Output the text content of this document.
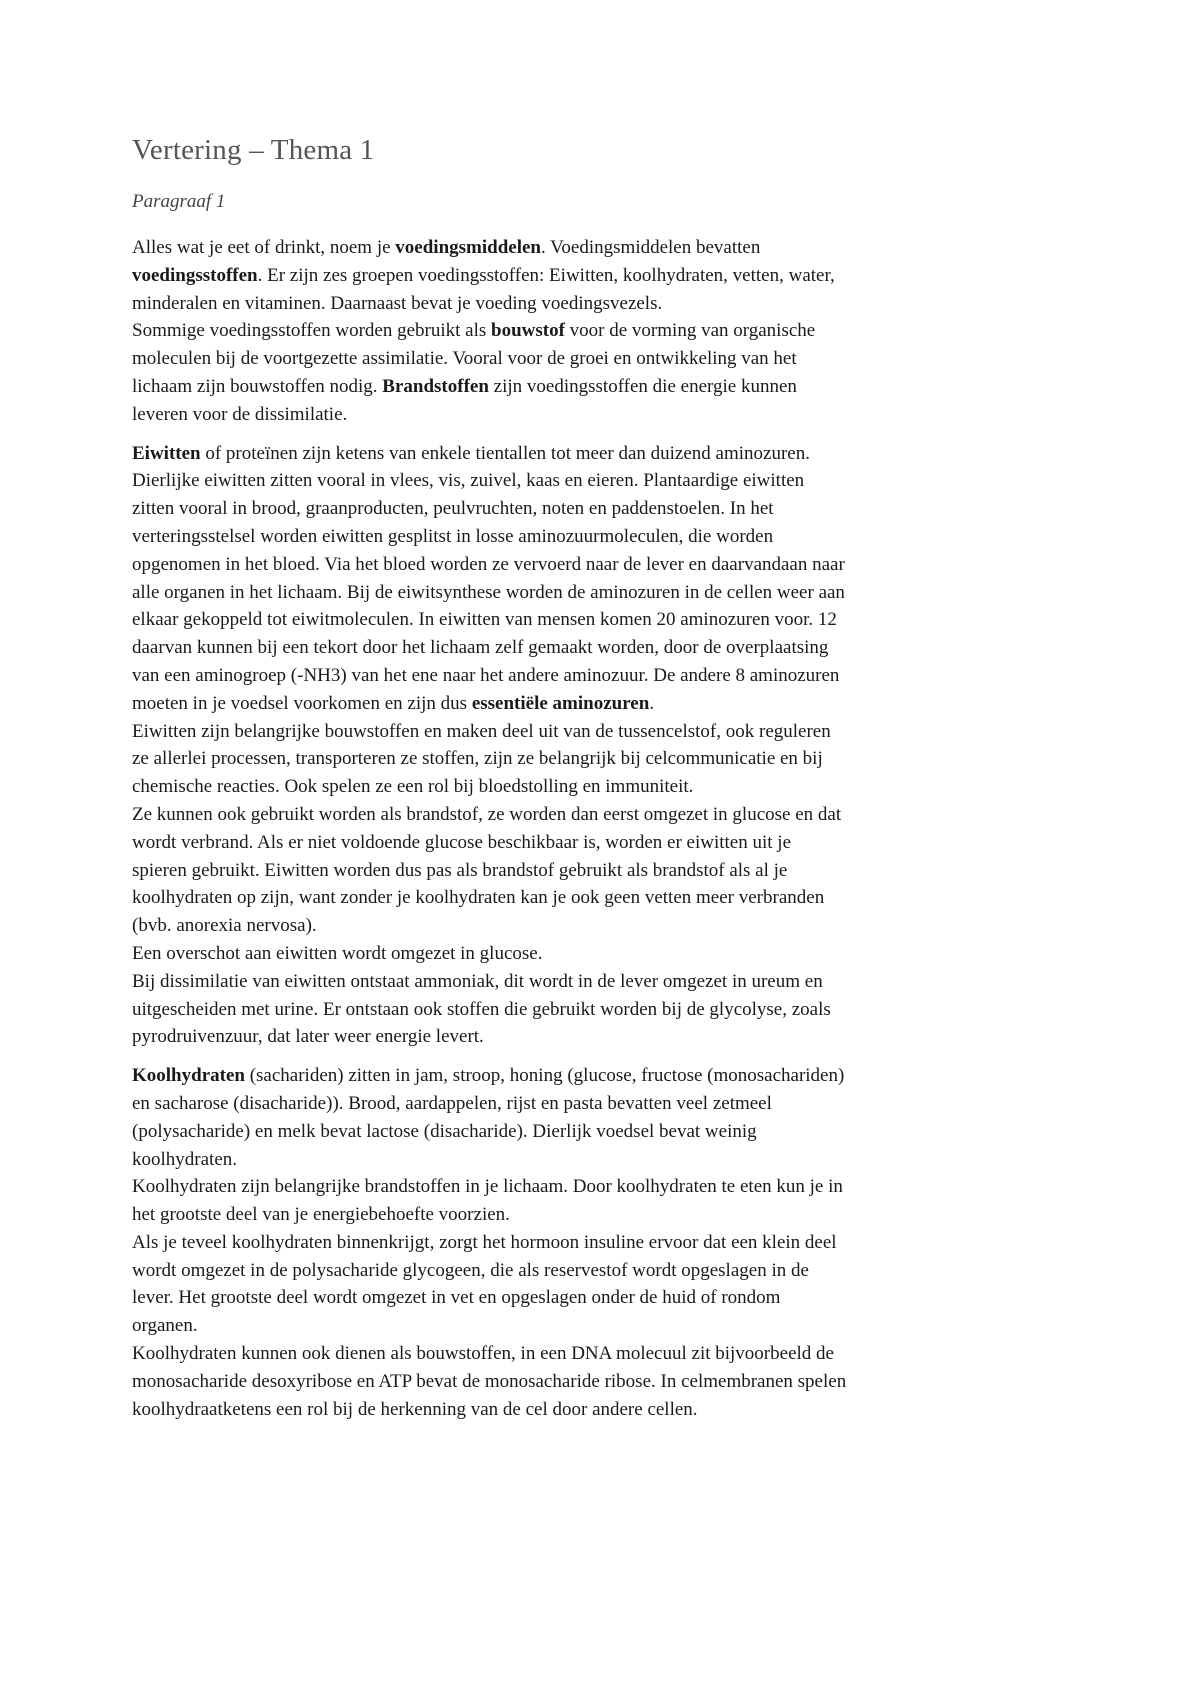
Vertering – Thema 1
Paragraaf 1

Alles wat je eet of drinkt, noem je voedingsmiddelen. Voedingsmiddelen bevatten
voedingsstoffen. Er zijn zes groepen voedingsstoffen: Eiwitten, koolhydraten, vetten, water,
minderalen en vitaminen. Daarnaast bevat je voeding voedingsvezels.
Sommige voedingsstoffen worden gebruikt als bouwstof voor de vorming van organische
moleculen bij de voortgezette assimilatie. Vooral voor de groei en ontwikkeling van het
lichaam zijn bouwstoffen nodig. Brandstoffen zijn voedingsstoffen die energie kunnen
leveren voor de dissimilatie.

Eiwitten of proteïnen zijn ketens van enkele tientallen tot meer dan duizend aminozuren.
Dierlijke eiwitten zitten vooral in vlees, vis, zuivel, kaas en eieren. Plantaardige eiwitten
zitten vooral in brood, graanproducten, peulvruchten, noten en paddenstoelen. In het
verteringsstelsel worden eiwitten gesplitst in losse aminozuurmoleculen, die worden
opgenomen in het bloed. Via het bloed worden ze vervoerd naar de lever en daarvandaan naar
alle organen in het lichaam. Bij de eiwitsynthese worden de aminozuren in de cellen weer aan
elkaar gekoppeld tot eiwitmoleculen. In eiwitten van mensen komen 20 aminozuren voor. 12
daarvan kunnen bij een tekort door het lichaam zelf gemaakt worden, door de overplaatsing
van een aminogroep (-NH3) van het ene naar het andere aminozuur. De andere 8 aminozuren
moeten in je voedsel voorkomen en zijn dus essentiële aminozuren.
Eiwitten zijn belangrijke bouwstoffen en maken deel uit van de tussencelstof, ook reguleren
ze allerlei processen, transporteren ze stoffen, zijn ze belangrijk bij celcommunicatie en bij
chemische reacties. Ook spelen ze een rol bij bloedstolling en immuniteit.
Ze kunnen ook gebruikt worden als brandstof, ze worden dan eerst omgezet in glucose en dat
wordt verbrand. Als er niet voldoende glucose beschikbaar is, worden er eiwitten uit je
spieren gebruikt. Eiwitten worden dus pas als brandstof gebruikt als brandstof als al je
koolhydraten op zijn, want zonder je koolhydraten kan je ook geen vetten meer verbranden
(bvb. anorexia nervosa).
Een overschot aan eiwitten wordt omgezet in glucose.
Bij dissimilatie van eiwitten ontstaat ammoniak, dit wordt in de lever omgezet in ureum en
uitgescheiden met urine. Er ontstaan ook stoffen die gebruikt worden bij de glycolyse, zoals
pyrodruivenzuur, dat later weer energie levert.

Koolhydraten (sachariden) zitten in jam, stroop, honing (glucose, fructose (monosachariden)
en sacharose (disacharide)). Brood, aardappelen, rijst en pasta bevatten veel zetmeel
(polysacharide) en melk bevat lactose (disacharide). Dierlijk voedsel bevat weinig
koolhydraten.
Koolhydraten zijn belangrijke brandstoffen in je lichaam. Door koolhydraten te eten kun je in
het grootste deel van je energiebehoefte voorzien.
Als je teveel koolhydraten binnenkrijgt, zorgt het hormoon insuline ervoor dat een klein deel
wordt omgezet in de polysacharide glycogeen, die als reservestof wordt opgeslagen in de
lever. Het grootste deel wordt omgezet in vet en opgeslagen onder de huid of rondom
organen.
Koolhydraten kunnen ook dienen als bouwstoffen, in een DNA molecuul zit bijvoorbeeld de
monosacharide desoxyribose en ATP bevat de monosacharide ribose. In celmembranen spelen
koolhydraatketens een rol bij de herkenning van de cel door andere cellen.
